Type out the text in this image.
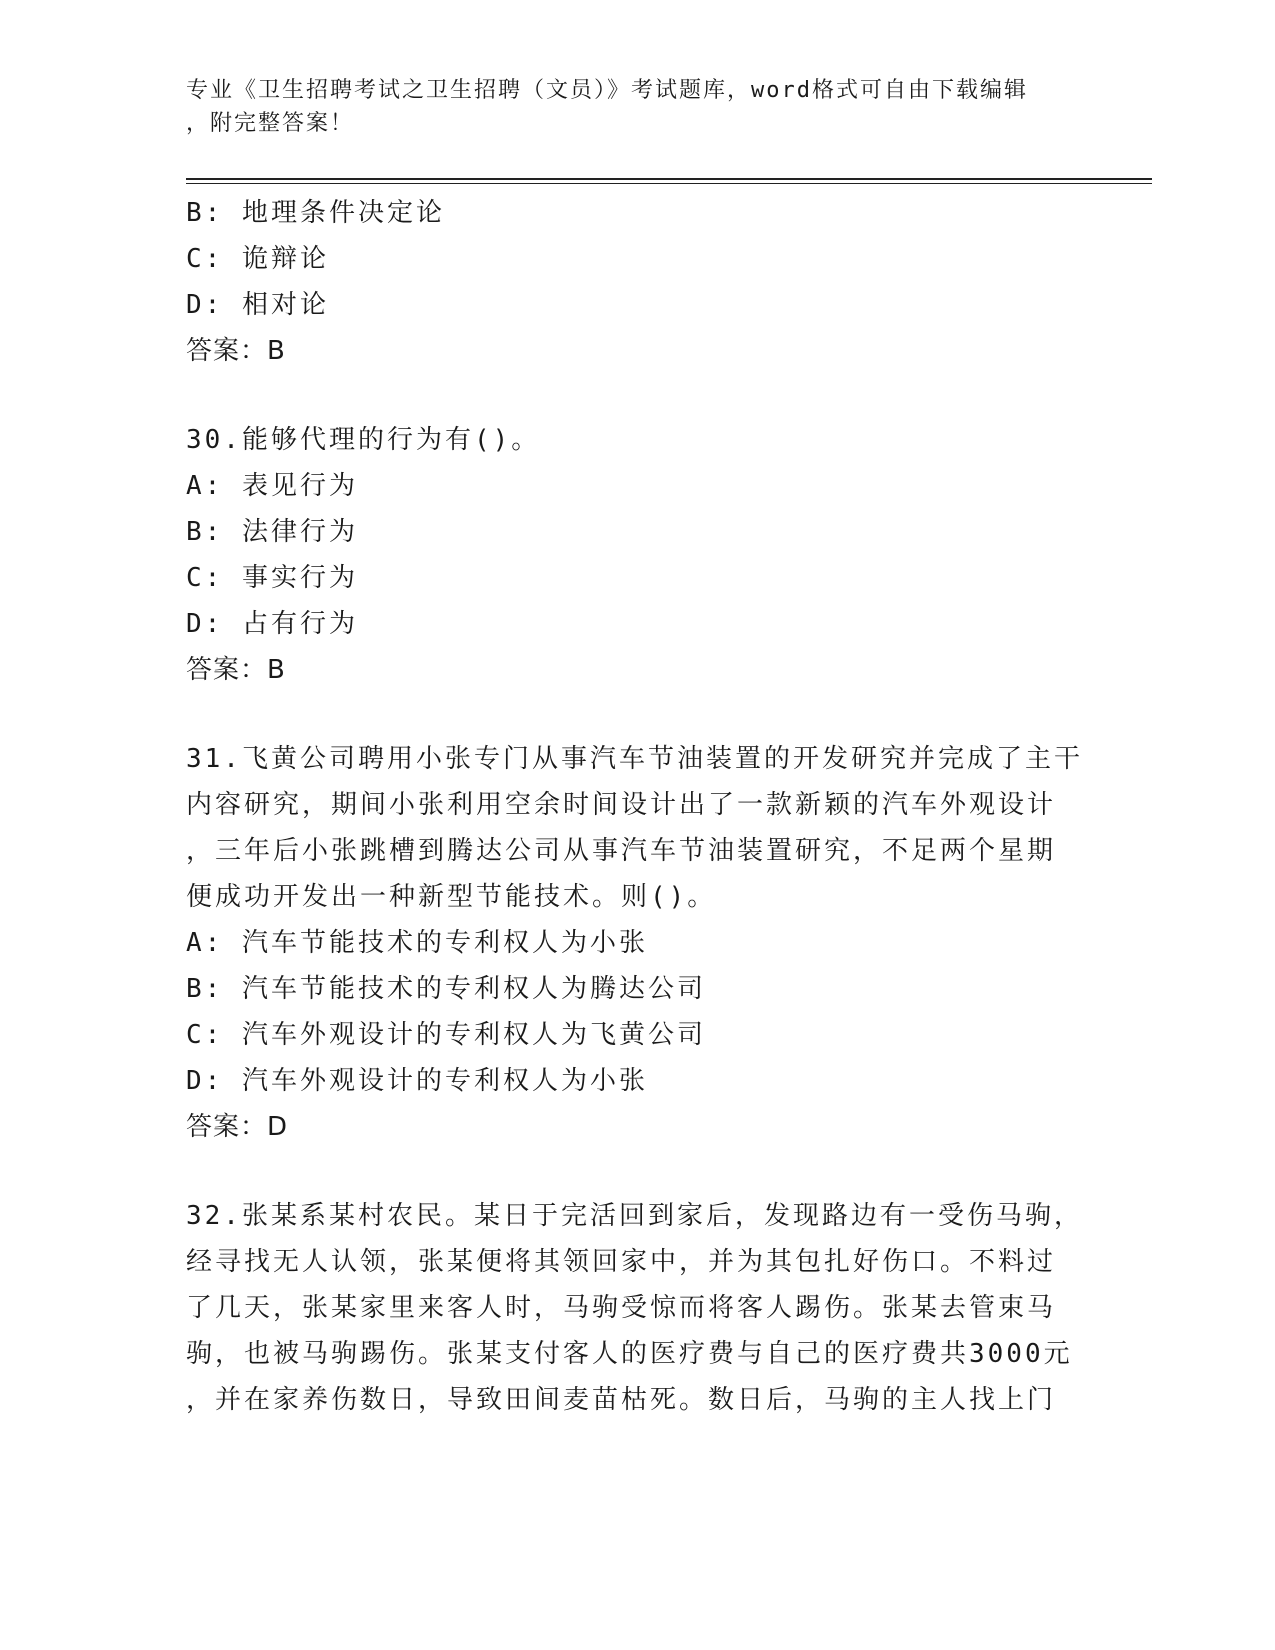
专业《卫生招聘考试之卫生招聘（文员）》考试题库，word格式可自由下载编辑
，附完整答案！
B: 地理条件决定论
C: 诡辩论
D: 相对论
答案：B
30.能够代理的行为有()。
A: 表见行为
B: 法律行为
C: 事实行为
D: 占有行为
答案：B
31.飞黄公司聘用小张专门从事汽车节油装置的开发研究并完成了主干
内容研究，期间小张利用空余时间设计出了一款新颖的汽车外观设计
，三年后小张跳槽到腾达公司从事汽车节油装置研究，不足两个星期
便成功开发出一种新型节能技术。则()。
A: 汽车节能技术的专利权人为小张
B: 汽车节能技术的专利权人为腾达公司
C: 汽车外观设计的专利权人为飞黄公司
D: 汽车外观设计的专利权人为小张
答案：D
32.张某系某村农民。某日于完活回到家后，发现路边有一受伤马驹，
经寻找无人认领，张某便将其领回家中，并为其包扎好伤口。不料过
了几天，张某家里来客人时，马驹受惊而将客人踢伤。张某去管束马
驹，也被马驹踢伤。张某支付客人的医疗费与自己的医疗费共3000元
，并在家养伤数日，导致田间麦苗枯死。数日后，马驹的主人找上门
